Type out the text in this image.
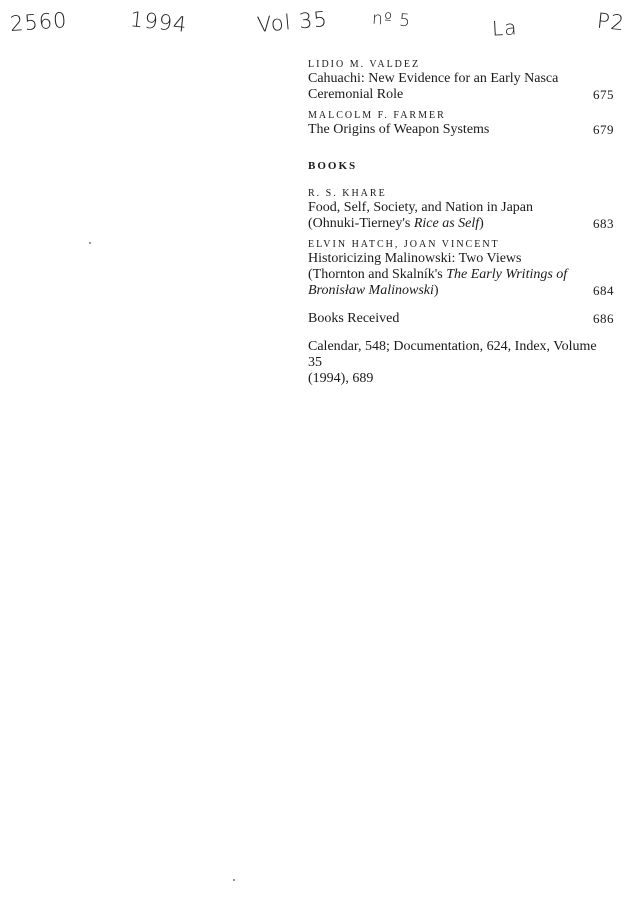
2560	1994	Vol 35	nº 5	La	P2
LIDIO M. VALDEZ
Cahuachi: New Evidence for an Early Nasca
Ceremonial Role	675
MALCOLM F. FARMER
The Origins of Weapon Systems	679
BOOKS
R. S. KHARE
Food, Self, Society, and Nation in Japan
(Ohnuki-Tierney's Rice as Self)	683
ELVIN HATCH, JOAN VINCENT
Historicizing Malinowski: Two Views
(Thornton and Skalník's The Early Writings of
Bronisław Malinowski)	684
Books Received	686
Calendar, 548; Documentation, 624, Index, Volume 35
(1994), 689
